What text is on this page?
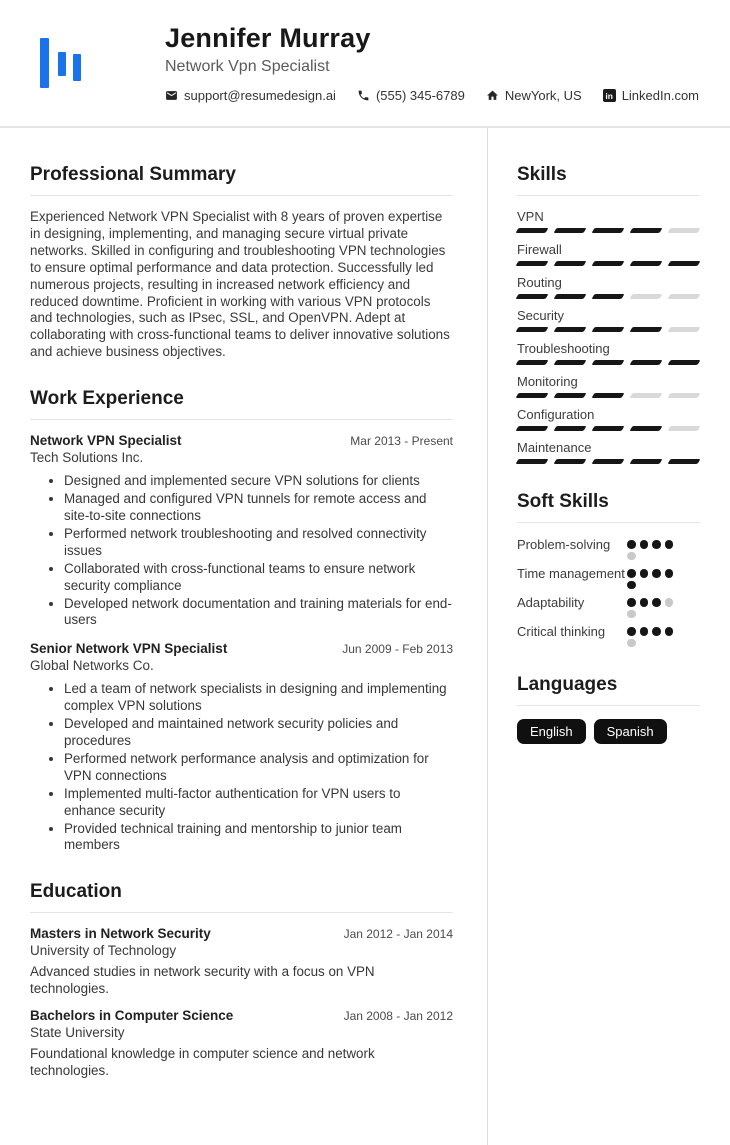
Jennifer Murray
Network Vpn Specialist
support@resumedesign.ai	(555) 345-6789	NewYork, US	in LinkedIn.com
Professional Summary

Experienced Network VPN Specialist with 8 years of proven expertise in designing, implementing, and managing secure virtual private networks. Skilled in configuring and troubleshooting VPN technologies to ensure optimal performance and data protection. Successfully led numerous projects, resulting in increased network efficiency and reduced downtime. Proficient in working with various VPN protocols and technologies, such as IPsec, SSL, and OpenVPN. Adept at collaborating with cross-functional teams to deliver innovative solutions and achieve business objectives.

Work Experience
Network VPN Specialist	Mar 2013 - Present
Tech Solutions Inc.
• Designed and implemented secure VPN solutions for clients
• Managed and configured VPN tunnels for remote access and site-to-site connections
• Performed network troubleshooting and resolved connectivity issues
• Collaborated with cross-functional teams to ensure network security compliance
• Developed network documentation and training materials for end-users
Senior Network VPN Specialist	Jun 2009 - Feb 2013
Global Networks Co.
• Led a team of network specialists in designing and implementing complex VPN solutions
• Developed and maintained network security policies and procedures
• Performed network performance analysis and optimization for VPN connections
• Implemented multi-factor authentication for VPN users to enhance security
• Provided technical training and mentorship to junior team members
Education
Masters in Network Security	Jan 2012 - Jan 2014
University of Technology

Advanced studies in network security with a focus on VPN technologies.

Bachelors in Computer Science	Jan 2008 - Jan 2012
State University

Foundational knowledge in computer science and network technologies.

Skills
VPN
Firewall
Routing
Security
Troubleshooting
Monitoring
Configuration
Maintenance
Soft Skills
Problem-solving
Time management
Adaptability
Critical thinking
Languages
English	Spanish
